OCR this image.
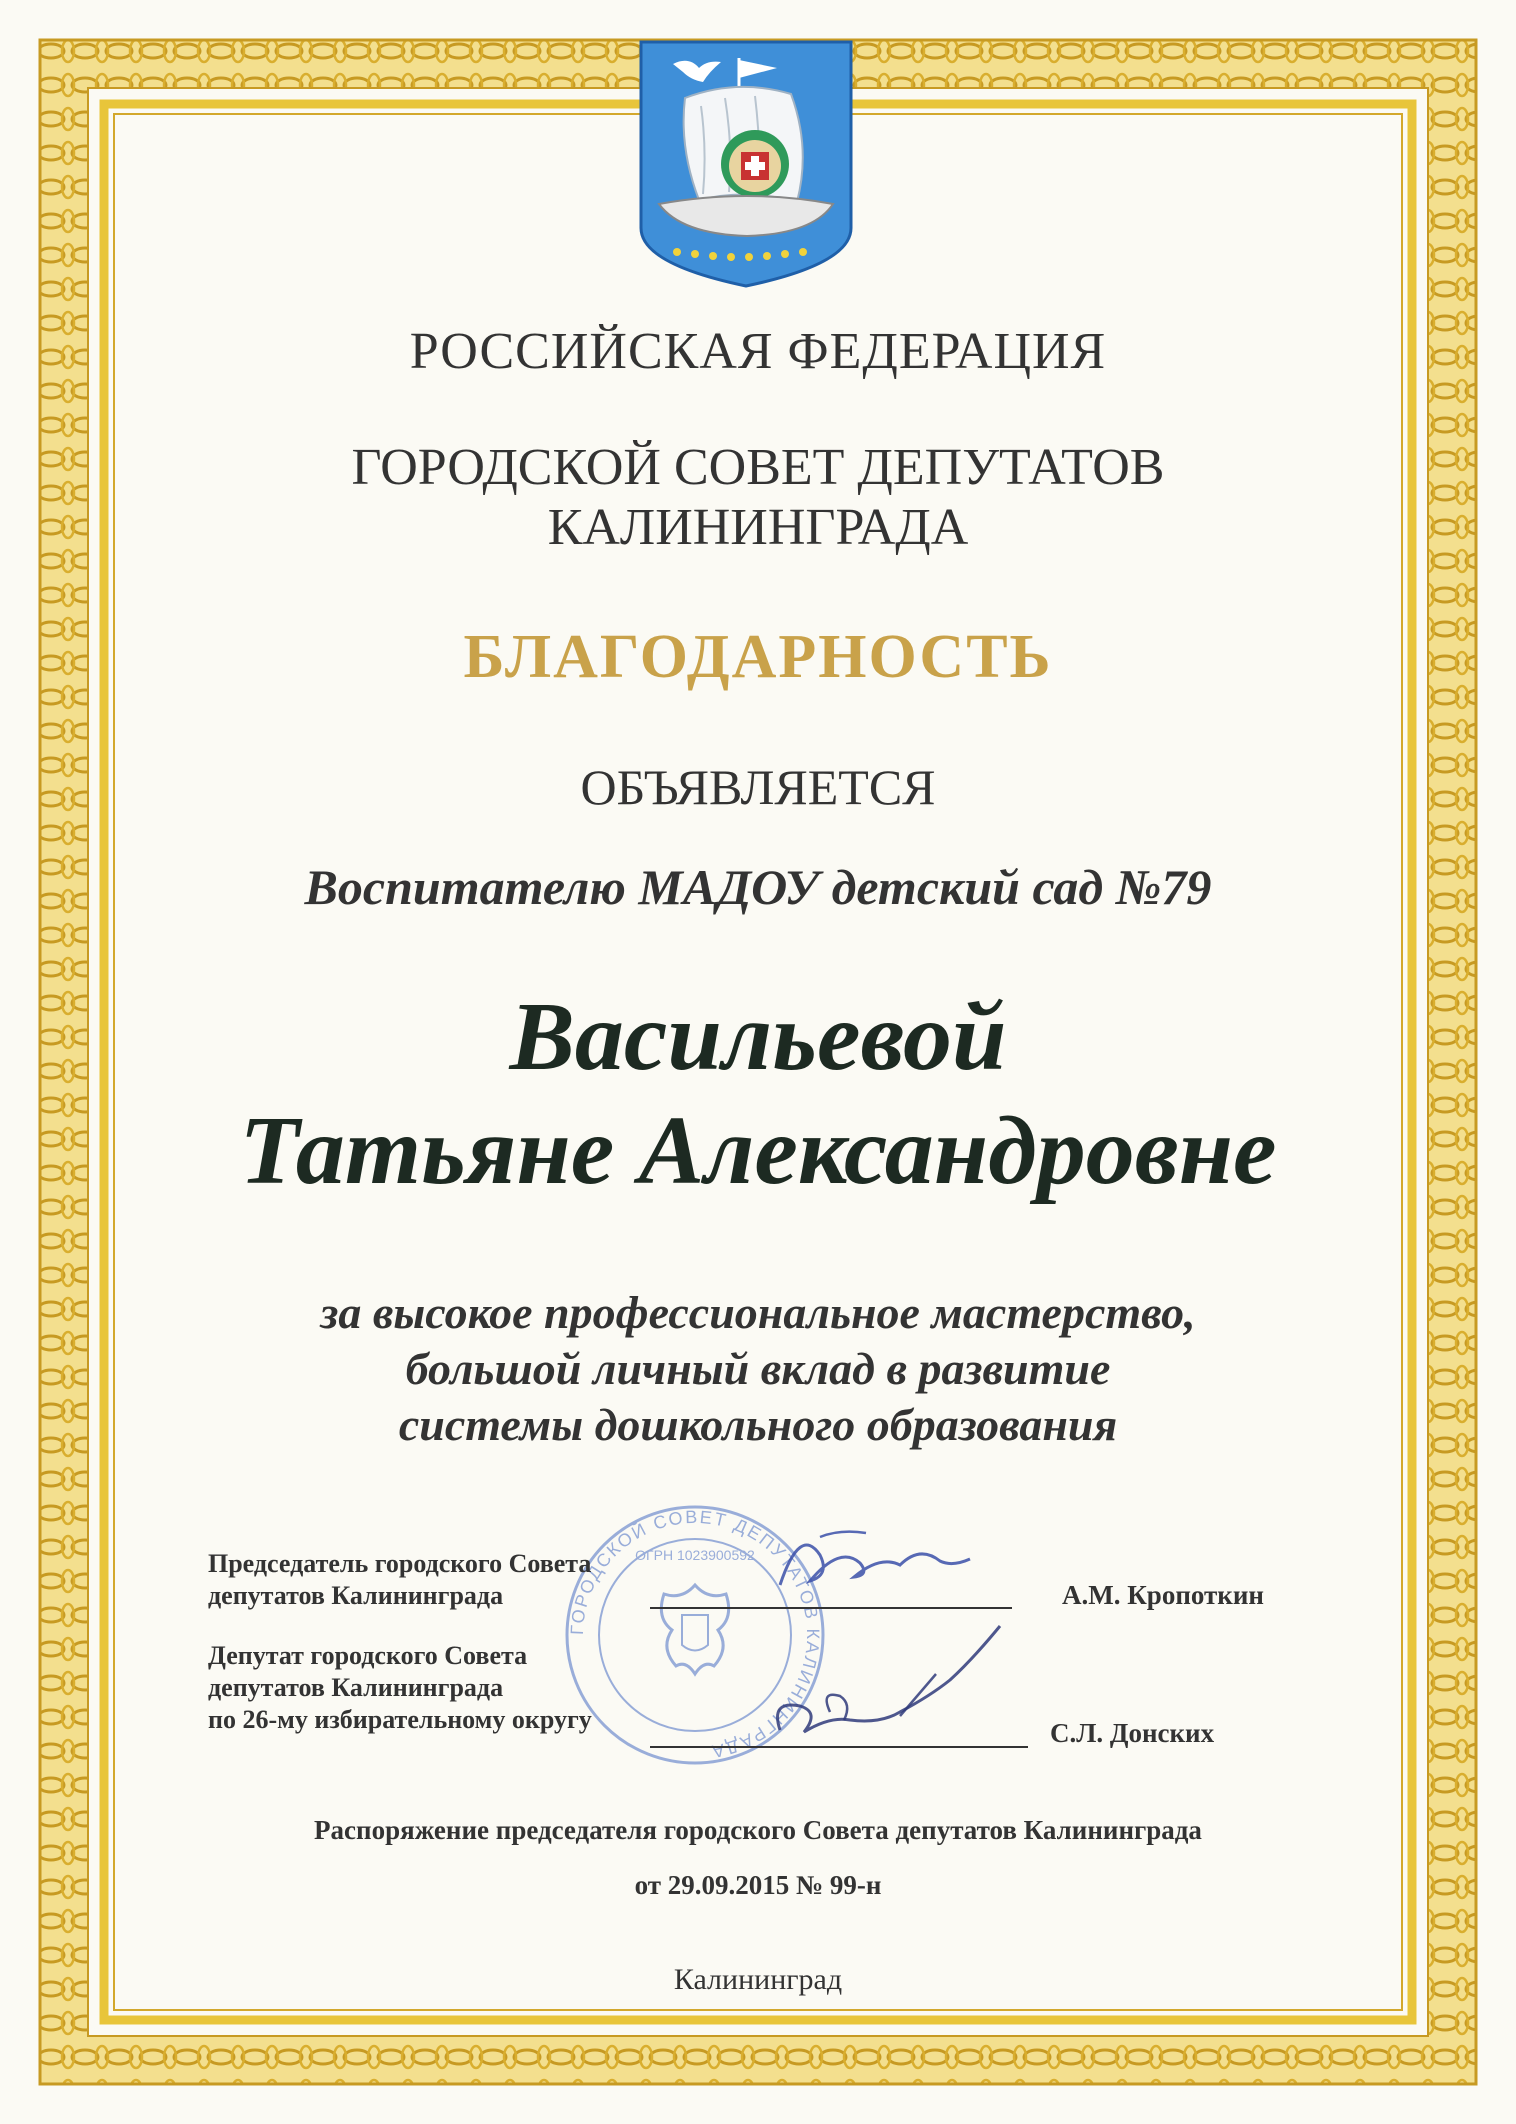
РОССИЙСКАЯ ФЕДЕРАЦИЯ
ГОРОДСКОЙ СОВЕТ ДЕПУТАТОВ
КАЛИНИНГРАДА
БЛАГОДАРНОСТЬ
ОБЪЯВЛЯЕТСЯ
Воспитателю МАДОУ детский сад №79
Васильевой
Татьяне Александровне
за высокое профессиональное мастерство,
большой личный вклад в развитие
системы дошкольного образования
ГОРОДСКОЙ СОВЕТ ДЕПУТАТОВ КАЛИНИНГРАДА
ОГРН 1023900592
Председатель городского Совета
депутатов Калининграда	А.М. Кропоткин
Депутат городского Совета
депутатов Калининграда
по 26-му избирательному округу	С.Л. Донских
Распоряжение председателя городского Совета депутатов Калининграда
от 29.09.2015 № 99-н
Калининград
